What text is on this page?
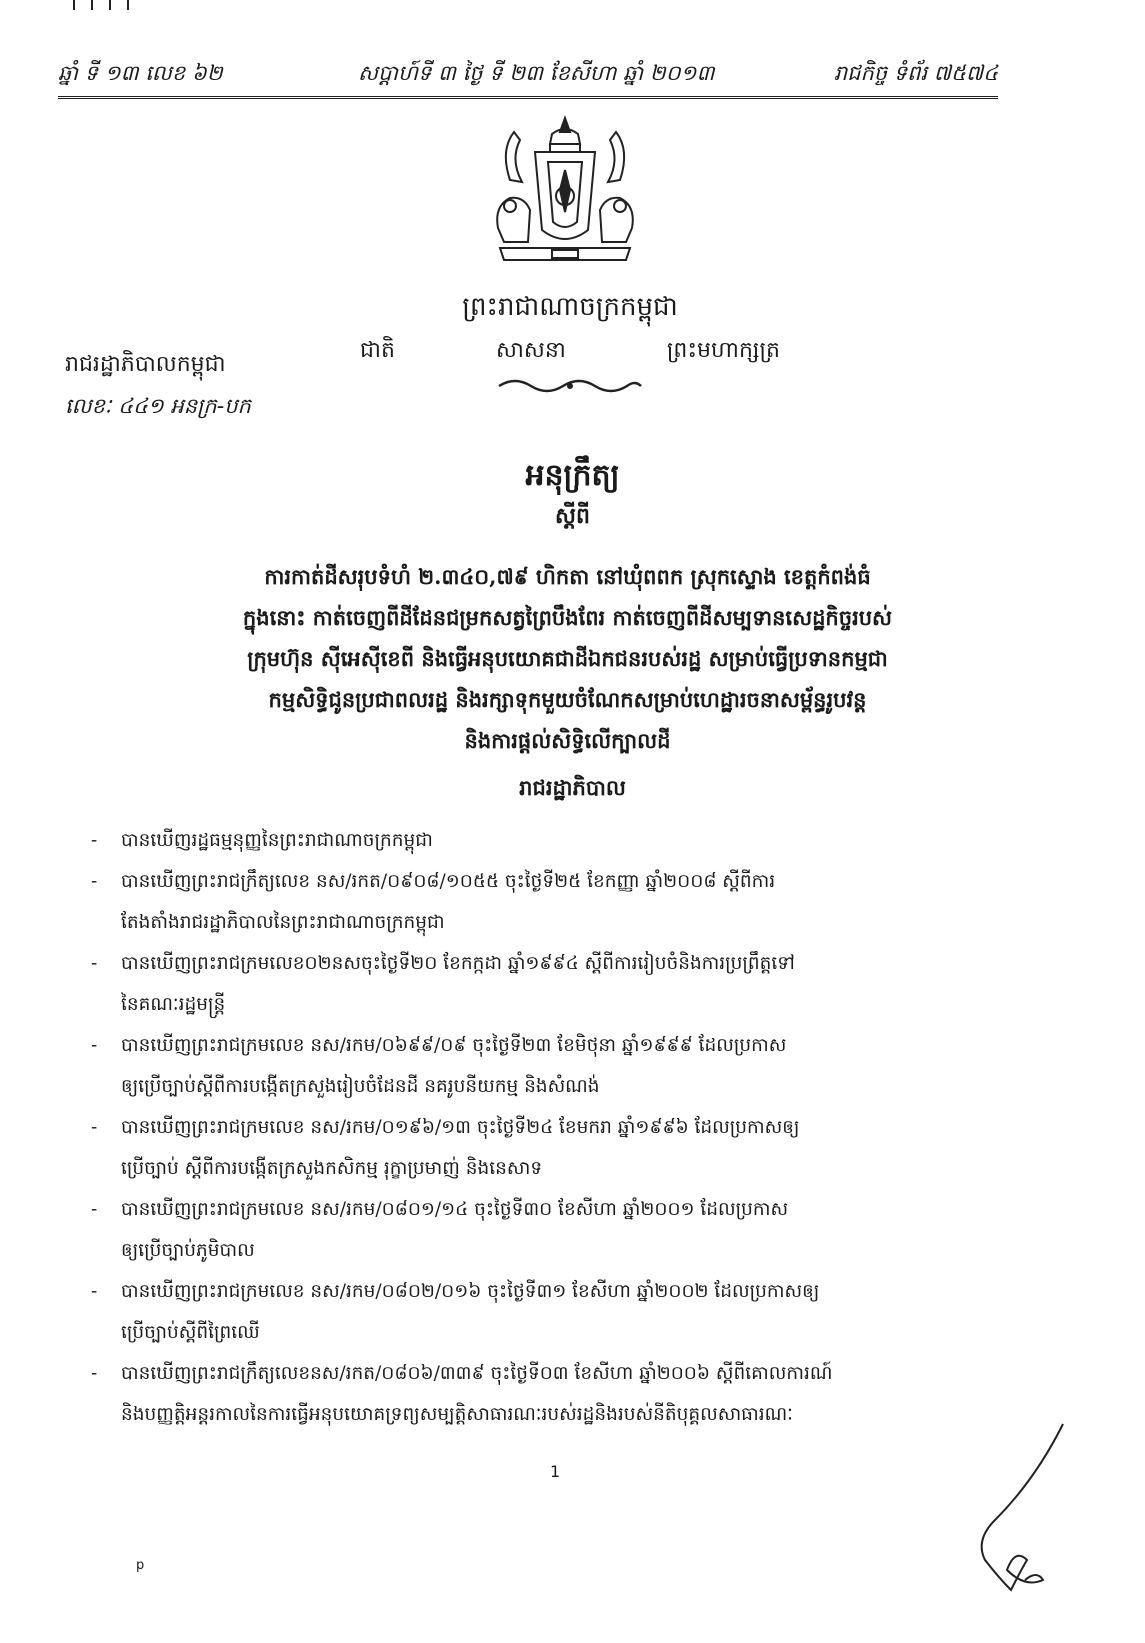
ឆ្នាំ ទី ១៣ លេខ ៦២	សប្តាហ៍ទី ៣ ថ្ងៃ ទី ២៣ ខែសីហា ឆ្នាំ ២០១៣	រាជកិច្ច ទំព័រ ៧៥៧៤
ព្រះរាជាណាចក្រកម្ពុជា
ជាតិ	សាសនា	ព្រះមហាក្សត្រ
រាជរដ្ឋាភិបាលកម្ពុជា
លេខៈ ៤៤១ អនក្រ-បក
អនុក្រឹត្យ
ស្តីពី
ការកាត់ដីសរុបទំហំ ២.៣៤០,៧៩ ហិកតា នៅឃុំពពក ស្រុកស្ទោង ខេត្តកំពង់ធំ
ក្នុងនោះ កាត់ចេញពីដីដែនជម្រកសត្វព្រៃបឹងពែរ កាត់ចេញពីដីសម្បទានសេដ្ឋកិច្ចរបស់
ក្រុមហ៊ុន ស៊ីអេស៊ីខេពី និងធ្វើអនុបយោគជាដីឯកជនរបស់រដ្ឋ សម្រាប់ធ្វើប្រទានកម្មជា
កម្មសិទ្ធិជូនប្រជាពលរដ្ឋ និងរក្សាទុកមួយចំណែកសម្រាប់ហេដ្ឋារចនាសម្ព័ន្ធរូបវន្ត
និងការផ្តល់សិទ្ធិលើក្បាលដី
រាជរដ្ឋាភិបាល
- បានឃើញរដ្ឋធម្មនុញ្ញនៃព្រះរាជាណាចក្រកម្ពុជា
- បានឃើញព្រះរាជក្រឹត្យលេខ នស/រកត/០៩០៨/១០៥៥ ចុះថ្ងៃទី២៥ ខែកញ្ញា ឆ្នាំ២០០៨ ស្តីពីការ
តែងតាំងរាជរដ្ឋាភិបាលនៃព្រះរាជាណាចក្រកម្ពុជា
- បានឃើញព្រះរាជក្រមលេខ០២នសចុះថ្ងៃទី២០ ខែកក្កដា ឆ្នាំ១៩៩៤ ស្តីពីការរៀបចំនិងការប្រព្រឹត្តទៅ
នៃគណៈរដ្ឋមន្ត្រី
- បានឃើញព្រះរាជក្រមលេខ នស/រកម/០៦៩៩/០៩ ចុះថ្ងៃទី២៣ ខែមិថុនា ឆ្នាំ១៩៩៩ ដែលប្រកាស
ឲ្យប្រើច្បាប់ស្តីពីការបង្កើតក្រសួងរៀបចំដែនដី នគរូបនីយកម្ម និងសំណង់
- បានឃើញព្រះរាជក្រមលេខ នស/រកម/០១៩៦/១៣ ចុះថ្ងៃទី២៤ ខែមករា ឆ្នាំ១៩៩៦ ដែលប្រកាសឲ្យ
ប្រើច្បាប់ ស្តីពីការបង្កើតក្រសួងកសិកម្ម រុក្ខាប្រមាញ់ និងនេសាទ
- បានឃើញព្រះរាជក្រមលេខ នស/រកម/០៨០១/១៤ ចុះថ្ងៃទី៣០ ខែសីហា ឆ្នាំ២០០១ ដែលប្រកាស
ឲ្យប្រើច្បាប់ភូមិបាល
- បានឃើញព្រះរាជក្រមលេខ នស/រកម/០៨០២/០១៦ ចុះថ្ងៃទី៣១ ខែសីហា ឆ្នាំ២០០២ ដែលប្រកាសឲ្យ
ប្រើច្បាប់ស្តីពីព្រៃឈើ
- បានឃើញព្រះរាជក្រឹត្យលេខនស/រកត/០៨០៦/៣៣៩ ចុះថ្ងៃទី០៣ ខែសីហា ឆ្នាំ២០០៦ ស្តីពីគោលការណ៍
និងបញ្ញត្តិអន្តរកាលនៃការធ្វើអនុបយោគទ្រព្យសម្បត្តិសាធារណៈរបស់រដ្ឋនិងរបស់នីតិបុគ្គលសាធារណៈ
1
p
